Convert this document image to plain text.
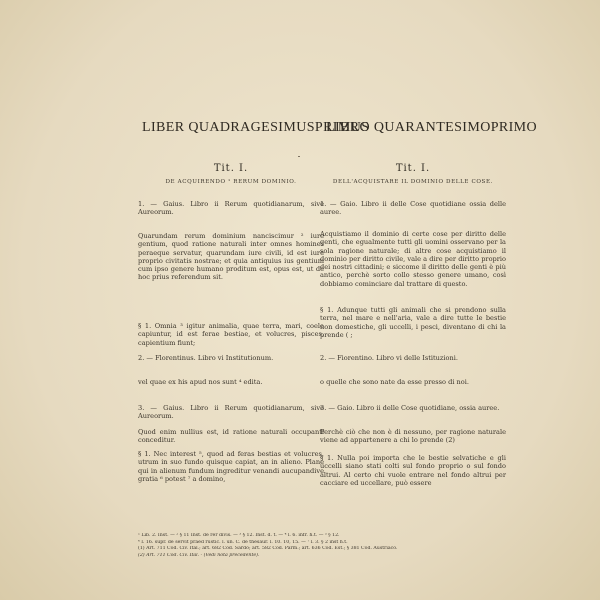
LIBER QUADRAGESIMUSPRIMUS
LIBRO QUARANTESIMOPRIMO
Tit. I.
DE ACQUIRENDO ¹ RERUM DOMINIO.

1. — Gaius. Libro ii Rerum quotidianarum, sive Aureorum.

Quarundam rerum dominium nanciscimur ² iure gentium, quod ratione naturali inter omnes homines peraeque servatur, quarundam iure civili, id est iure proprio civitatis nostrae; et quia antiquius ius gentium cum ipso genere humano proditum est, opus est, ut de hoc prius referendum sit.

§ 1. Omnia ³ igitur animalia, quae terra, mari, coelo capiuntur, id est ferae bestiae, et volucres, pisces, capientium fiunt;

2. — Florentinus. Libro vi Institutionum.

vel quae ex his apud nos sunt ⁴ edita.

3. — Gaius. Libro ii Rerum quotidianarum, sive Aureorum.

Quod enim nullius est, id ratione naturali occupanti conceditur.

§ 1. Nec interest ⁵, quod ad feras bestias et volucres, utrum in suo fundo quisque capiat, an in alieno. Plane qui in alienum fundum ingreditur venandi aucupandive gratia ⁶ potest ⁷ a domino,

Tit. I.
DELL'ACQUISTARE IL DOMINIO DELLE COSE.

1. — Gaio. Libro ii delle Cose quotidiane ossia delle auree.

Acquistiamo il dominio di certe cose per diritto delle genti, che egualmente tutti gli uomini osservano per la sola ragione naturale; di altre cose acquistiamo il dominio per diritto civile, vale a dire per diritto proprio dei nostri cittadini; e siccome il diritto delle genti è più antico, perchè sorto collo stesso genere umano, così dobbiamo cominciare dal trattare di questo.

§ 1. Adunque tutti gli animali che si prendono sulla terra, nel mare e nell'aria, vale a dire tutte le bestie non domestiche, gli uccelli, i pesci, diventano di chi la prende ( ;

2. — Fiorentino. Libro vi delle Istituzioni.

o quelle che sono nate da esse presso di noi.

3. — Gaio. Libro ii delle Cose quotidiane, ossia auree.

Perchè ciò che non è di nessuno, per ragione naturale viene ad appartenere a chi lo prende (2)

§ 1. Nulla poi importa che le bestie selvatiche e gli uccelli siano stati colti sul fondo proprio o sul fondo altrui. Al certo chi vuole entrare nel fondo altrui per cacciare ed uccellare, può essere

¹ Lib. 2. Inst. — ² § 11 Inst. de rer divis. — ³ § 12. Inst. d. t. — ⁴ l. 6. infr. h.t. — ⁵ § 12.
⁶ l. 16. supr. de servit praed rustic. l. un. C. de thesaur. l. 10. 10, 15. — ⁷ l. 3. § 2 inst h.t.
(1) Art. 711 Cod. Civ. Ital.; art. 682 Cod. Sardo; art. 582 Cod. Parm.; art. 636 Cod. Est.; § 381 Cod. Austriaco.
(2) Art. 711 Cod. Civ. Ital. - (Vedi nota precedente).
